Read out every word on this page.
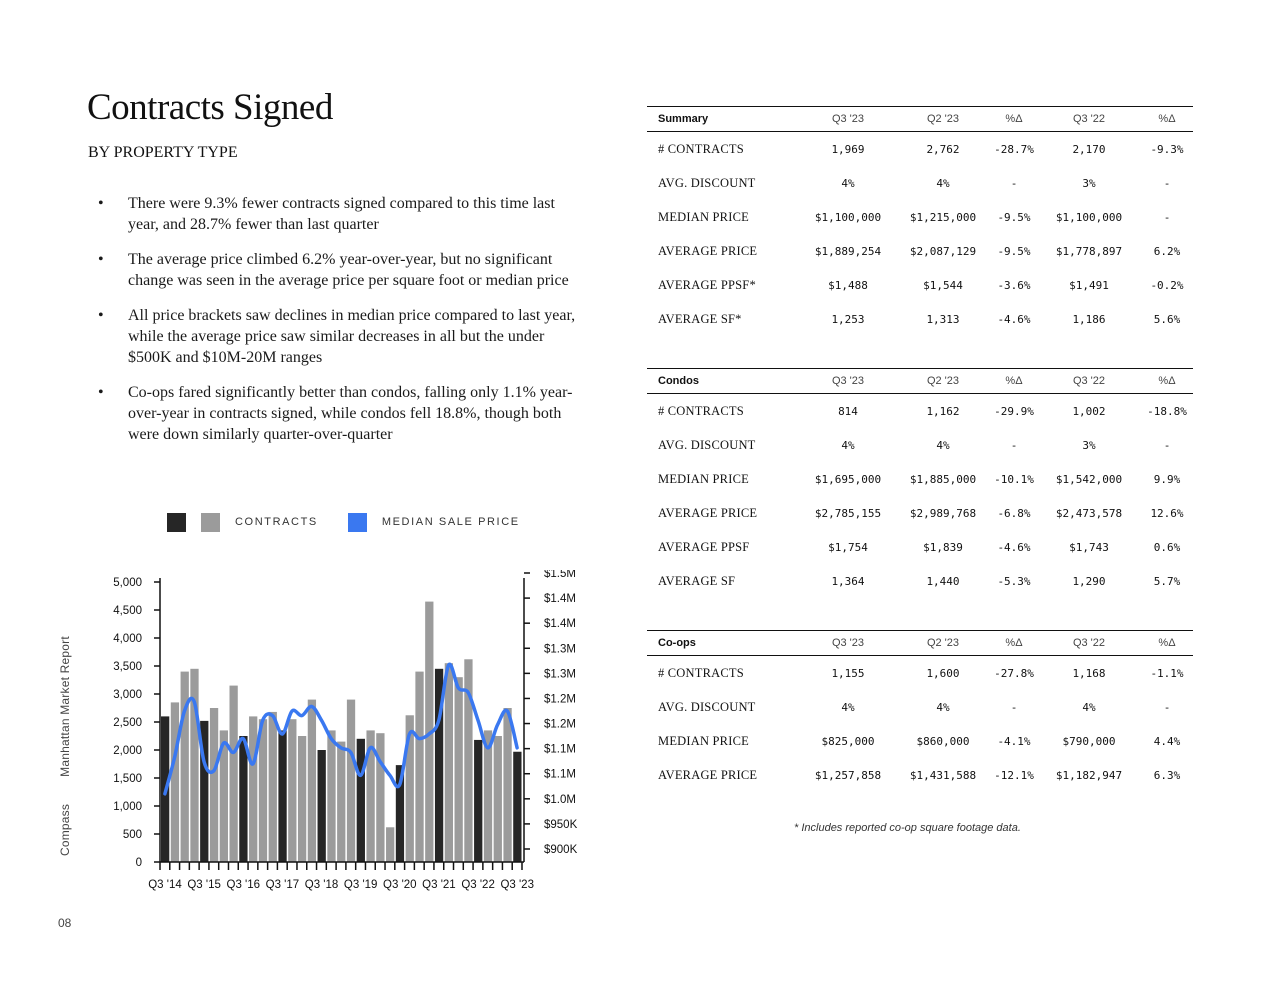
Contracts Signed
BY PROPERTY TYPE
• There were 9.3% fewer contracts signed compared to this time last year, and 28.7% fewer than last quarter
• The average price climbed 6.2% year-over-year, but no significant change was seen in the average price per square foot or median price
• All price brackets saw declines in median price compared to last year, while the average price saw similar decreases in all but the under $500K and $10M-20M ranges
• Co-ops fared significantly better than condos, falling only 1.1% year-over-year in contracts signed, while condos fell 18.8%, though both were down similarly quarter-over-quarter
CONTRACTS	MEDIAN SALE PRICE
0
500
1,000
1,500
2,000
2,500
3,000
3,500
4,000
4,500
5,000
$900K
$950K
$1.0M
$1.1M
$1.1M
$1.2M
$1.2M
$1.3M
$1.3M
$1.4M
$1.4M
$1.5M
Q3 '14 Q3 '15 Q3 '16 Q3 '17 Q3 '18 Q3 '19 Q3 '20 Q3 '21 Q3 '22 Q3 '23
Compass  Manhattan Market Report
08
Summary	Q3 '23	Q2 '23	%Δ	Q3 '22	%Δ
# CONTRACTS	1,969	2,762	-28.7%	2,170	-9.3%
AVG. DISCOUNT	4%	4%	-	3%	-
MEDIAN PRICE	$1,100,000	$1,215,000	-9.5%	$1,100,000	-
AVERAGE PRICE	$1,889,254	$2,087,129	-9.5%	$1,778,897	6.2%
AVERAGE PPSF*	$1,488	$1,544	-3.6%	$1,491	-0.2%
AVERAGE SF*	1,253	1,313	-4.6%	1,186	5.6%
Condos	Q3 '23	Q2 '23	%Δ	Q3 '22	%Δ
# CONTRACTS	814	1,162	-29.9%	1,002	-18.8%
AVG. DISCOUNT	4%	4%	-	3%	-
MEDIAN PRICE	$1,695,000	$1,885,000	-10.1%	$1,542,000	9.9%
AVERAGE PRICE	$2,785,155	$2,989,768	-6.8%	$2,473,578	12.6%
AVERAGE PPSF	$1,754	$1,839	-4.6%	$1,743	0.6%
AVERAGE SF	1,364	1,440	-5.3%	1,290	5.7%
Co-ops	Q3 '23	Q2 '23	%Δ	Q3 '22	%Δ
# CONTRACTS	1,155	1,600	-27.8%	1,168	-1.1%
AVG. DISCOUNT	4%	4%	-	4%	-
MEDIAN PRICE	$825,000	$860,000	-4.1%	$790,000	4.4%
AVERAGE PRICE	$1,257,858	$1,431,588	-12.1%	$1,182,947	6.3%
* Includes reported co-op square footage data.
